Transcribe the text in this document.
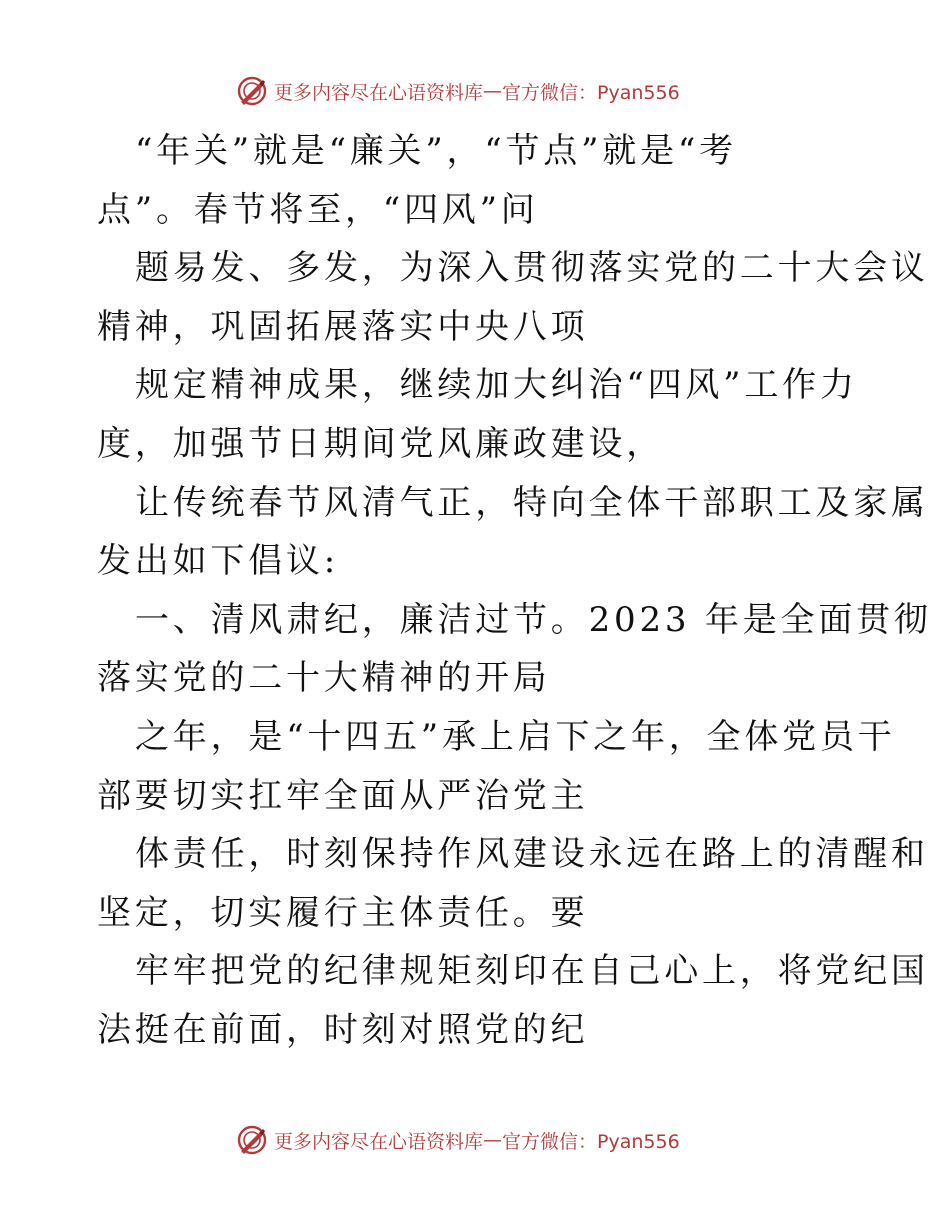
更多内容尽在心语资料库 — 官方微信：Pyan556
“年关”就是“廉关”，“节点”就是“考
点”。春节将至，“四风”问
题易发、多发，为深入贯彻落实党的二十大会议
精神，巩固拓展落实中央八项
规定精神成果，继续加大纠治“四风”工作力
度，加强节日期间党风廉政建设，
让传统春节风清气正，特向全体干部职工及家属
发出如下倡议:
一、清风肃纪，廉洁过节。2023 年是全面贯彻
落实党的二十大精神的开局
之年，是“十四五”承上启下之年，全体党员干
部要切实扛牢全面从严治党主
体责任，时刻保持作风建设永远在路上的清醒和
坚定，切实履行主体责任。要
牢牢把党的纪律规矩刻印在自己心上，将党纪国
法挺在前面，时刻对照党的纪
更多内容尽在心语资料库 — 官方微信：Pyan556
